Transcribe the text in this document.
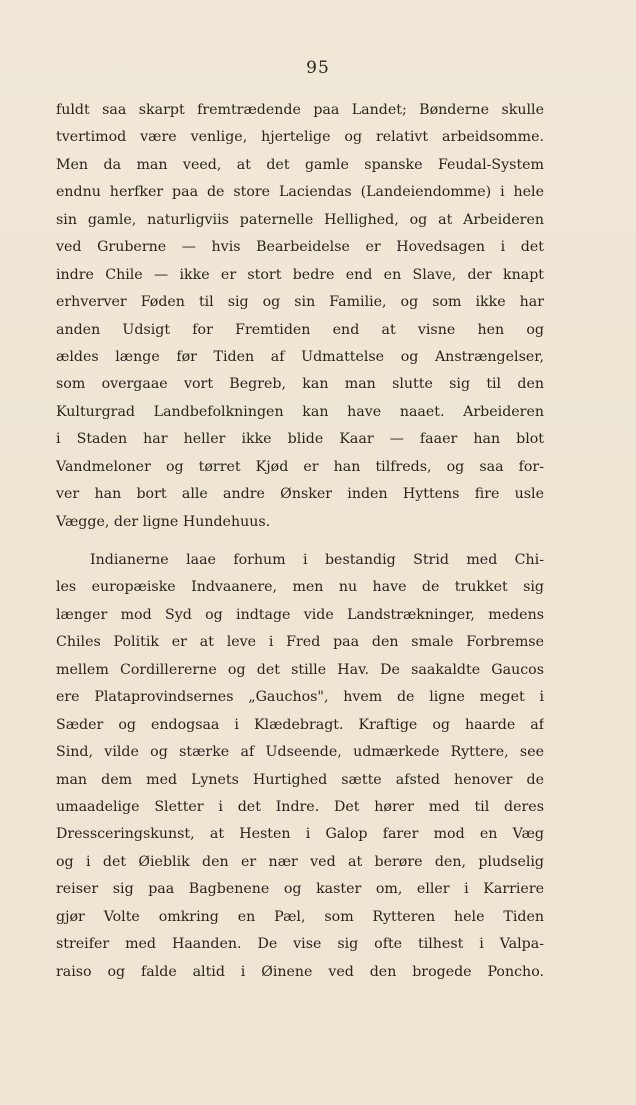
95
fuldt saa skarpt fremtrædende paa Landet; Bønderne skulle
tvertimod være venlige, hjertelige og relativt arbeidsomme.
Men da man veed, at det gamle spanske Feudal-System
endnu herfker paa de store Laciendas (Landeiendomme) i hele
sin gamle, naturligviis paternelle Hellighed, og at Arbeideren
ved Gruberne — hvis Bearbeidelse er Hovedsagen i det
indre Chile — ikke er stort bedre end en Slave, der knapt
erhverver Føden til sig og sin Familie, og som ikke har
anden Udsigt for Fremtiden end at visne hen og
ældes længe før Tiden af Udmattelse og Anstrængelser,
som overgaae vort Begreb, kan man slutte sig til den
Kulturgrad Landbefolkningen kan have naaet. Arbeideren
i Staden har heller ikke blide Kaar — faaer han blot
Vandmeloner og tørret Kjød er han tilfreds, og saa for-
ver han bort alle andre Ønsker inden Hyttens fire usle
Vægge, der ligne Hundehuus.
Indianerne laae forhum i bestandig Strid med Chi-
les europæiske Indvaanere, men nu have de trukket sig
længer mod Syd og indtage vide Landstrækninger, medens
Chiles Politik er at leve i Fred paa den smale Forbremse
mellem Cordillererne og det stille Hav. De saakaldte Gaucos
ere Plataprovindsernes „Gauchos", hvem de ligne meget i
Sæder og endogsaa i Klædebragt. Kraftige og haarde af
Sind, vilde og stærke af Udseende, udmærkede Ryttere, see
man dem med Lynets Hurtighed sætte afsted henover de
umaadelige Sletter i det Indre. Det hører med til deres
Dressceringskunst, at Hesten i Galop farer mod en Væg
og i det Øieblik den er nær ved at berøre den, pludselig
reiser sig paa Bagbenene og kaster om, eller i Karriere
gjør Volte omkring en Pæl, som Rytteren hele Tiden
streifer med Haanden. De vise sig ofte tilhest i Valpa-
raiso og falde altid i Øinene ved den brogede Poncho.
